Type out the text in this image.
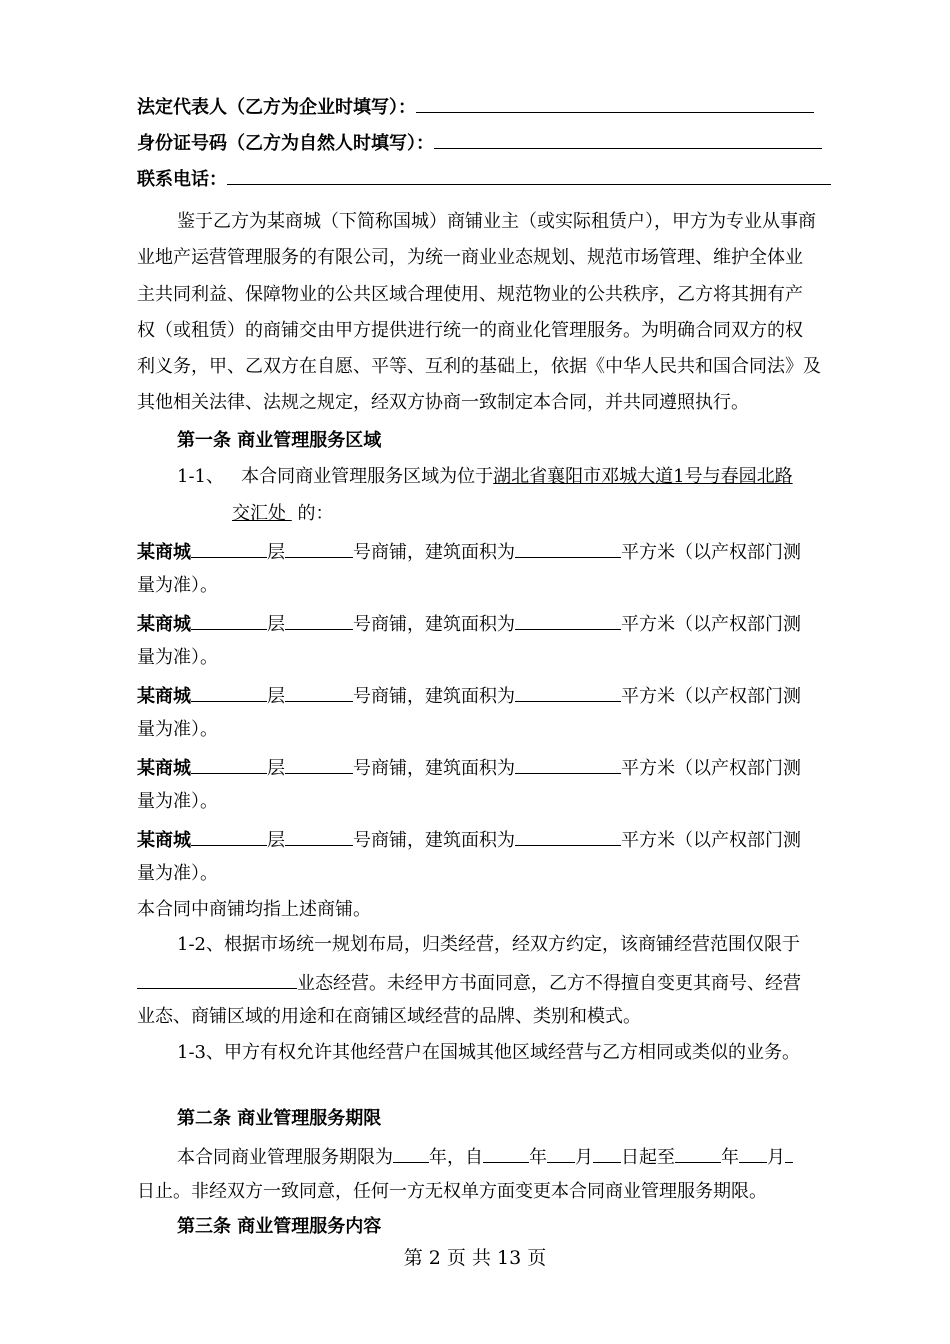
法定代表人（乙方为企业时填写）：
身份证号码（乙方为自然人时填写）：
联系电话：
鉴于乙方为某商城（下简称国城）商铺业主（或实际租赁户），甲方为专业从事商
业地产运营管理服务的有限公司，为统一商业业态规划、规范市场管理、维护全体业
主共同利益、保障物业的公共区域合理使用、规范物业的公共秩序，乙方将其拥有产
权（或租赁）的商铺交由甲方提供进行统一的商业化管理服务。为明确合同双方的权
利义务，甲、乙双方在自愿、平等、互利的基础上，依据《中华人民共和国合同法》及
其他相关法律、法规之规定，经双方协商一致制定本合同，并共同遵照执行。
第一条 商业管理服务区域
1-1、 本合同商业管理服务区域为位于湖北省襄阳市邓城大道1号与春园北路
交汇处 的：
某商城	层	号商铺，建筑面积为	平方米（以产权部门测
量为准）。
某商城	层	号商铺，建筑面积为	平方米（以产权部门测
量为准）。
某商城	层	号商铺，建筑面积为	平方米（以产权部门测
量为准）。
某商城	层	号商铺，建筑面积为	平方米（以产权部门测
量为准）。
某商城	层	号商铺，建筑面积为	平方米（以产权部门测
量为准）。
本合同中商铺均指上述商铺。
1-2、根据市场统一规划布局，归类经营，经双方约定，该商铺经营范围仅限于
业态经营。未经甲方书面同意，乙方不得擅自变更其商号、经营
业态、商铺区域的用途和在商铺区域经营的品牌、类别和模式。
1-3、甲方有权允许其他经营户在国城其他区域经营与乙方相同或类似的业务。
第二条 商业管理服务期限
本合同商业管理服务期限为 年，自	年 月 日起至	年 月
日止。非经双方一致同意，任何一方无权单方面变更本合同商业管理服务期限。
第三条 商业管理服务内容
第 2 页 共 13 页
